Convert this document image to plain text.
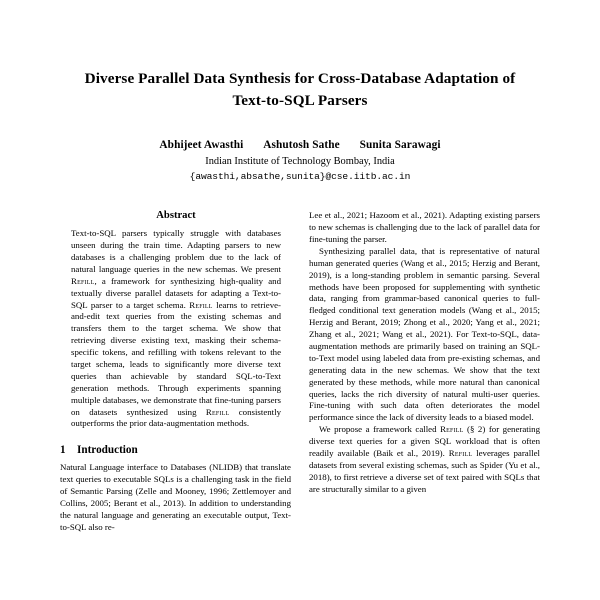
Diverse Parallel Data Synthesis for Cross-Database Adaptation of
Text-to-SQL Parsers
Abhijeet Awasthi Ashutosh Sathe Sunita Sarawagi
Indian Institute of Technology Bombay, India
{awasthi,absathe,sunita}@cse.iitb.ac.in
Abstract

Text-to-SQL parsers typically struggle with databases unseen during the train time. Adapting parsers to new databases is a challenging problem due to the lack of natural language queries in the new schemas. We present Refill, a framework for synthesizing high-quality and textually diverse parallel datasets for adapting a Text-to-SQL parser to a target schema. Refill learns to retrieve-and-edit text queries from the existing schemas and transfers them to the target schema. We show that retrieving diverse existing text, masking their schema-specific tokens, and refilling with tokens relevant to the target schema, leads to significantly more diverse text queries than achievable by standard SQL-to-Text generation methods. Through experiments spanning multiple databases, we demonstrate that fine-tuning parsers on datasets synthesized using Refill consistently outperforms the prior data-augmentation methods.

1 Introduction

Natural Language interface to Databases (NLIDB) that translate text queries to executable SQLs is a challenging task in the field of Semantic Parsing (Zelle and Mooney, 1996; Zettlemoyer and Collins, 2005; Berant et al., 2013). In addition to understanding the natural language and generating an executable output, Text-to-SQL also re-

Lee et al., 2021; Hazoom et al., 2021). Adapting existing parsers to new schemas is challenging due to the lack of parallel data for fine-tuning the parser.

Synthesizing parallel data, that is representative of natural human generated queries (Wang et al., 2015; Herzig and Berant, 2019), is a long-standing problem in semantic parsing. Several methods have been proposed for supplementing with synthetic data, ranging from grammar-based canonical queries to full-fledged conditional text generation models (Wang et al., 2015; Herzig and Berant, 2019; Zhong et al., 2020; Yang et al., 2021; Zhang et al., 2021; Wang et al., 2021). For Text-to-SQL, data-augmentation methods are primarily based on training an SQL-to-Text model using labeled data from pre-existing schemas, and generating data in the new schemas. We show that the text generated by these methods, while more natural than canonical queries, lacks the rich diversity of natural multi-user queries. Fine-tuning with such data often deteriorates the model performance since the lack of diversity leads to a biased model.

We propose a framework called Refill (§ 2) for generating diverse text queries for a given SQL workload that is often readily available (Baik et al., 2019). Refill leverages parallel datasets from several existing schemas, such as Spider (Yu et al., 2018), to first retrieve a diverse set of text paired with SQLs that are structurally similar to a given
